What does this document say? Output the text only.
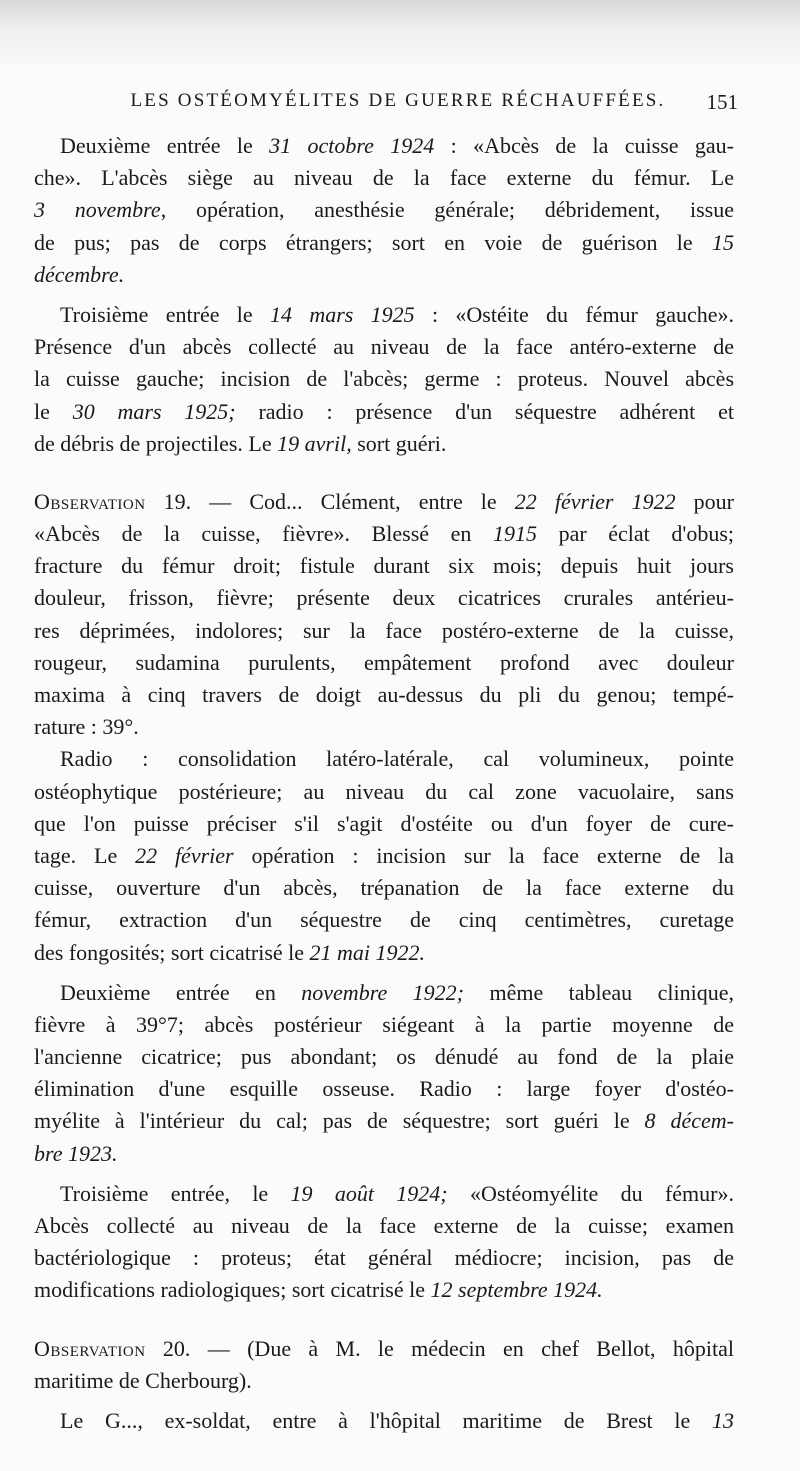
LES OSTÉOMYÉLITES DE GUERRE RÉCHAUFFÉES.	151
Deuxième entrée le 31 octobre 1924 : «Abcès de la cuisse gau-
che». L'abcès siège au niveau de la face externe du fémur. Le
3 novembre, opération, anesthésie générale; débridement, issue
de pus; pas de corps étrangers; sort en voie de guérison le 15
décembre.
Troisième entrée le 14 mars 1925 : «Ostéite du fémur gauche».
Présence d'un abcès collecté au niveau de la face antéro-externe de
la cuisse gauche; incision de l'abcès; germe : proteus. Nouvel abcès
le 30 mars 1925; radio : présence d'un séquestre adhérent et
de débris de projectiles. Le 19 avril, sort guéri.
Observation 19. — Cod... Clément, entre le 22 février 1922 pour
«Abcès de la cuisse, fièvre». Blessé en 1915 par éclat d'obus;
fracture du fémur droit; fistule durant six mois; depuis huit jours
douleur, frisson, fièvre; présente deux cicatrices crurales antérieu-
res déprimées, indolores; sur la face postéro-externe de la cuisse,
rougeur, sudamina purulents, empâtement profond avec douleur
maxima à cinq travers de doigt au-dessus du pli du genou; tempé-
rature : 39°.
Radio : consolidation latéro-latérale, cal volumineux, pointe
ostéophytique postérieure; au niveau du cal zone vacuolaire, sans
que l'on puisse préciser s'il s'agit d'ostéite ou d'un foyer de cure-
tage. Le 22 février opération : incision sur la face externe de la
cuisse, ouverture d'un abcès, trépanation de la face externe du
fémur, extraction d'un séquestre de cinq centimètres, curetage
des fongosités; sort cicatrisé le 21 mai 1922.
Deuxième entrée en novembre 1922; même tableau clinique,
fièvre à 39°7; abcès postérieur siégeant à la partie moyenne de
l'ancienne cicatrice; pus abondant; os dénudé au fond de la plaie
élimination d'une esquille osseuse. Radio : large foyer d'ostéo-
myélite à l'intérieur du cal; pas de séquestre; sort guéri le 8 décem-
bre 1923.
Troisième entrée, le 19 août 1924; «Ostéomyélite du fémur».
Abcès collecté au niveau de la face externe de la cuisse; examen
bactériologique : proteus; état général médiocre; incision, pas de
modifications radiologiques; sort cicatrisé le 12 septembre 1924.
Observation 20. — (Due à M. le médecin en chef Bellot, hôpital
maritime de Cherbourg).
Le G..., ex-soldat, entre à l'hôpital maritime de Brest le 13
